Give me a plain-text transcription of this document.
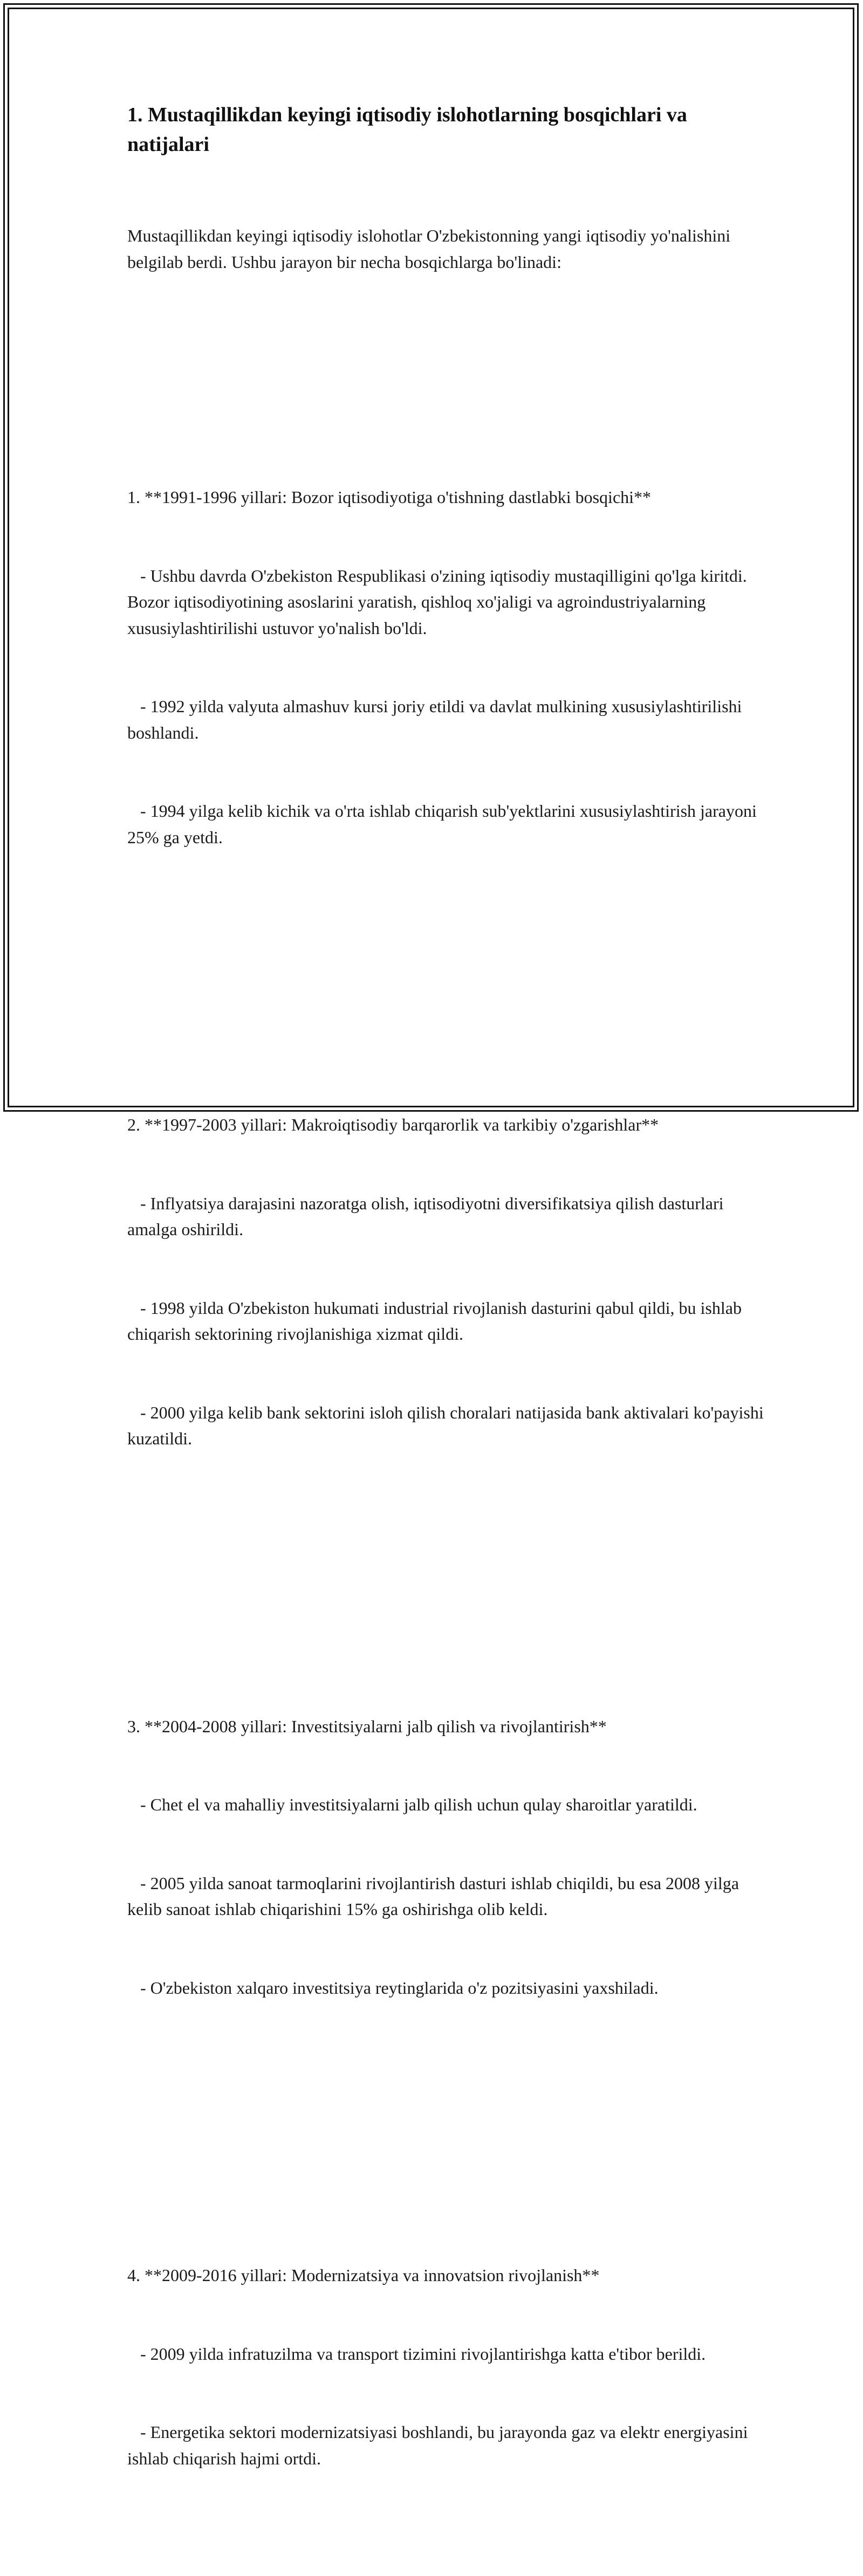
1. Mustaqillikdan keyingi iqtisodiy islohotlarning bosqichlari va natijalari

Mustaqillikdan keyingi iqtisodiy islohotlar O'zbekistonning yangi iqtisodiy yo'nalishini belgilab berdi. Ushbu jarayon bir necha bosqichlarga bo'linadi:

1. **1991-1996 yillari: Bozor iqtisodiyotiga o'tishning dastlabki bosqichi**

- Ushbu davrda O'zbekiston Respublikasi o'zining iqtisodiy mustaqilligini qo'lga kiritdi. Bozor iqtisodiyotining asoslarini yaratish, qishloq xo'jaligi va agroindustriyalarning xususiylashtirilishi ustuvor yo'nalish bo'ldi.

- 1992 yilda valyuta almashuv kursi joriy etildi va davlat mulkining xususiylashtirilishi boshlandi.

- 1994 yilga kelib kichik va o'rta ishlab chiqarish sub'yektlarini xususiylashtirish jarayoni 25% ga yetdi.

2. **1997-2003 yillari: Makroiqtisodiy barqarorlik va tarkibiy o'zgarishlar**

- Inflyatsiya darajasini nazoratga olish, iqtisodiyotni diversifikatsiya qilish dasturlari amalga oshirildi.

- 1998 yilda O'zbekiston hukumati industrial rivojlanish dasturini qabul qildi, bu ishlab chiqarish sektorining rivojlanishiga xizmat qildi.

- 2000 yilga kelib bank sektorini isloh qilish choralari natijasida bank aktivalari ko'payishi kuzatildi.

3. **2004-2008 yillari: Investitsiyalarni jalb qilish va rivojlantirish**

- Chet el va mahalliy investitsiyalarni jalb qilish uchun qulay sharoitlar yaratildi.

- 2005 yilda sanoat tarmoqlarini rivojlantirish dasturi ishlab chiqildi, bu esa 2008 yilga kelib sanoat ishlab chiqarishini 15% ga oshirishga olib keldi.

- O'zbekiston xalqaro investitsiya reytinglarida o'z pozitsiyasini yaxshiladi.

4. **2009-2016 yillari: Modernizatsiya va innovatsion rivojlanish**

- 2009 yilda infratuzilma va transport tizimini rivojlantirishga katta e'tibor berildi.

- Energetika sektori modernizatsiyasi boshlandi, bu jarayonda gaz va elektr energiyasini ishlab chiqarish hajmi ortdi.
